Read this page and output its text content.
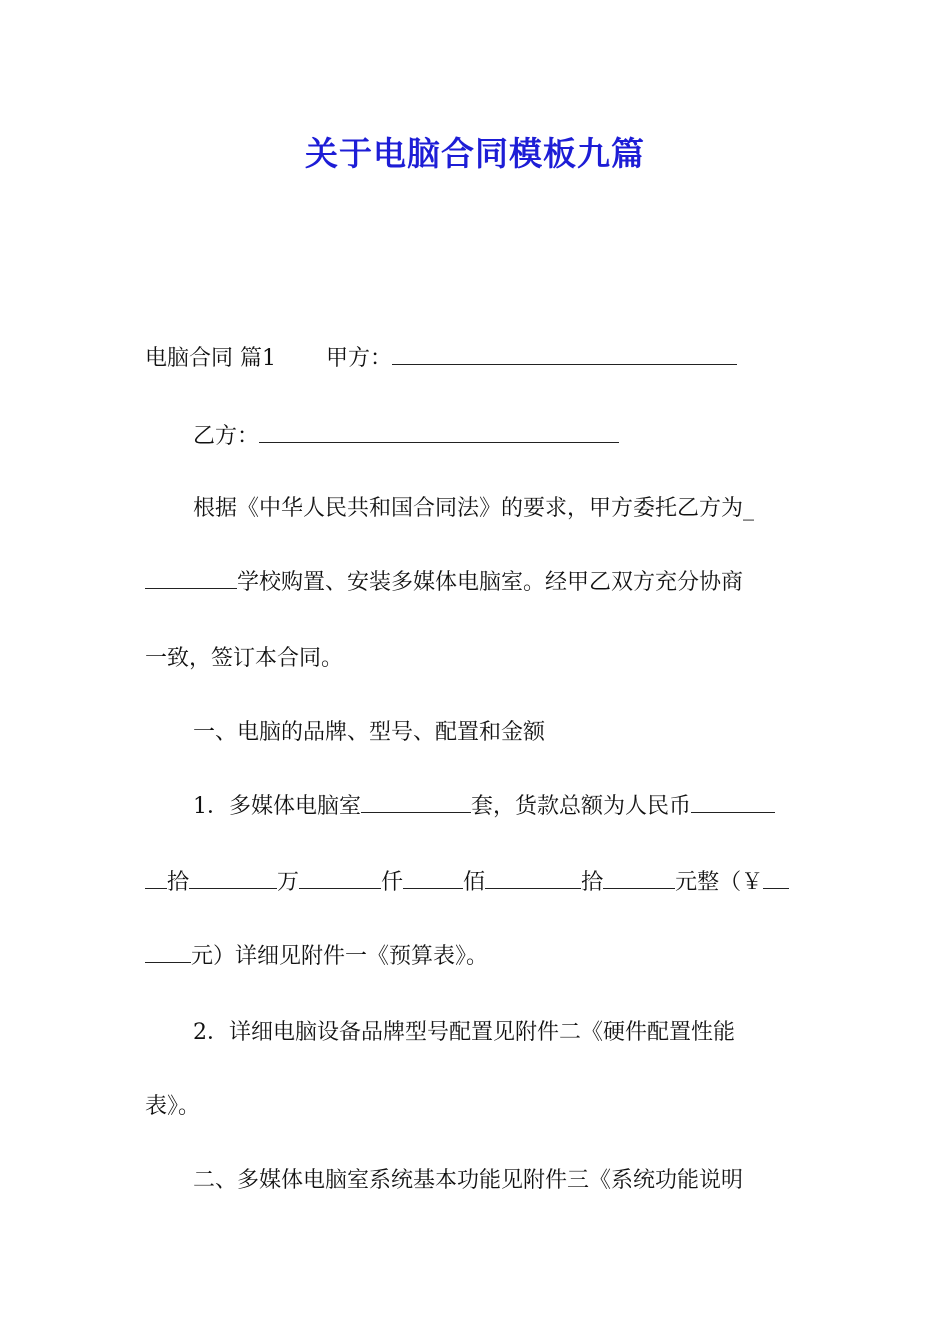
关于电脑合同模板九篇
电脑合同 篇1 甲方：
乙方：
根据《中华人民共和国合同法》的要求，甲方委托乙方为_
学校购置、安装多媒体电脑室。经甲乙双方充分协商
一致，签订本合同。
一、电脑的品牌、型号、配置和金额
1．多媒体电脑室	套，货款总额为人民币
拾	万	仟	佰	拾	元整（￥
元）详细见附件一《预算表》。
2．详细电脑设备品牌型号配置见附件二《硬件配置性能
表》。
二、多媒体电脑室系统基本功能见附件三《系统功能说明
